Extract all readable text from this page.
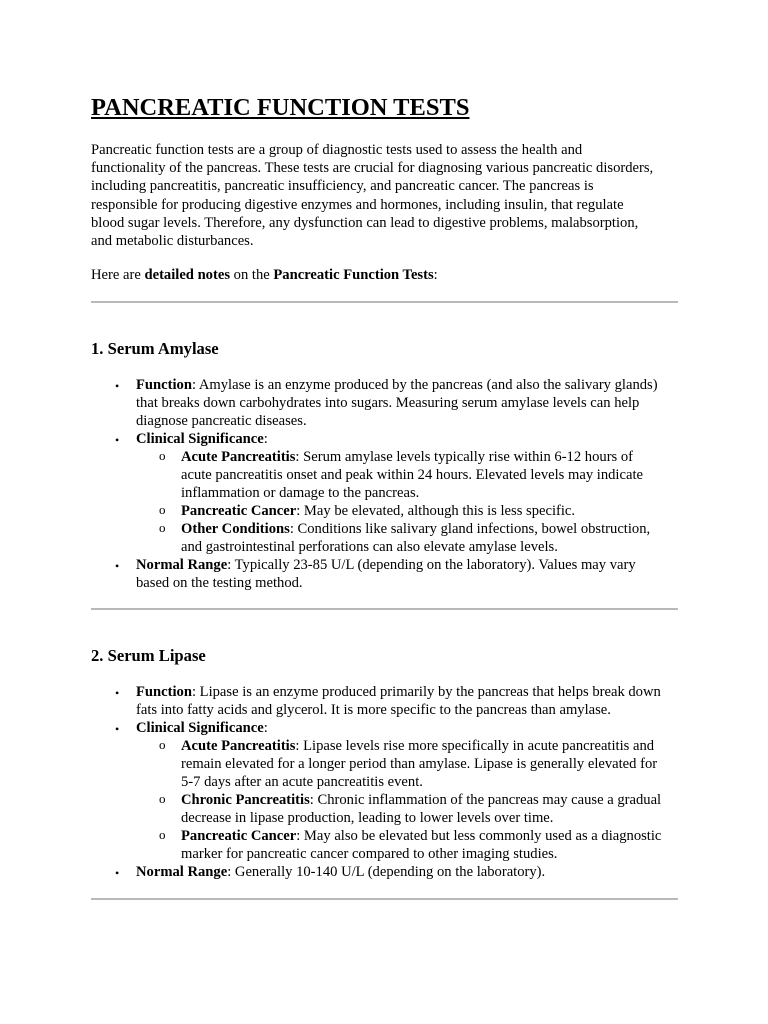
PANCREATIC FUNCTION TESTS

Pancreatic function tests are a group of diagnostic tests used to assess the health and
functionality of the pancreas. These tests are crucial for diagnosing various pancreatic disorders,
including pancreatitis, pancreatic insufficiency, and pancreatic cancer. The pancreas is
responsible for producing digestive enzymes and hormones, including insulin, that regulate
blood sugar levels. Therefore, any dysfunction can lead to digestive problems, malabsorption,
and metabolic disturbances.

Here are detailed notes on the Pancreatic Function Tests:

1. Serum Amylase
• Function: Amylase is an enzyme produced by the pancreas (and also the salivary glands)
that breaks down carbohydrates into sugars. Measuring serum amylase levels can help
diagnose pancreatic diseases.
• Clinical Significance:
o Acute Pancreatitis: Serum amylase levels typically rise within 6-12 hours of
acute pancreatitis onset and peak within 24 hours. Elevated levels may indicate
inflammation or damage to the pancreas.
o Pancreatic Cancer: May be elevated, although this is less specific.
o Other Conditions: Conditions like salivary gland infections, bowel obstruction,
and gastrointestinal perforations can also elevate amylase levels.
• Normal Range: Typically 23-85 U/L (depending on the laboratory). Values may vary
based on the testing method.
2. Serum Lipase
• Function: Lipase is an enzyme produced primarily by the pancreas that helps break down
fats into fatty acids and glycerol. It is more specific to the pancreas than amylase.
• Clinical Significance:
o Acute Pancreatitis: Lipase levels rise more specifically in acute pancreatitis and
remain elevated for a longer period than amylase. Lipase is generally elevated for
5-7 days after an acute pancreatitis event.
o Chronic Pancreatitis: Chronic inflammation of the pancreas may cause a gradual
decrease in lipase production, leading to lower levels over time.
o Pancreatic Cancer: May also be elevated but less commonly used as a diagnostic
marker for pancreatic cancer compared to other imaging studies.
• Normal Range: Generally 10-140 U/L (depending on the laboratory).
